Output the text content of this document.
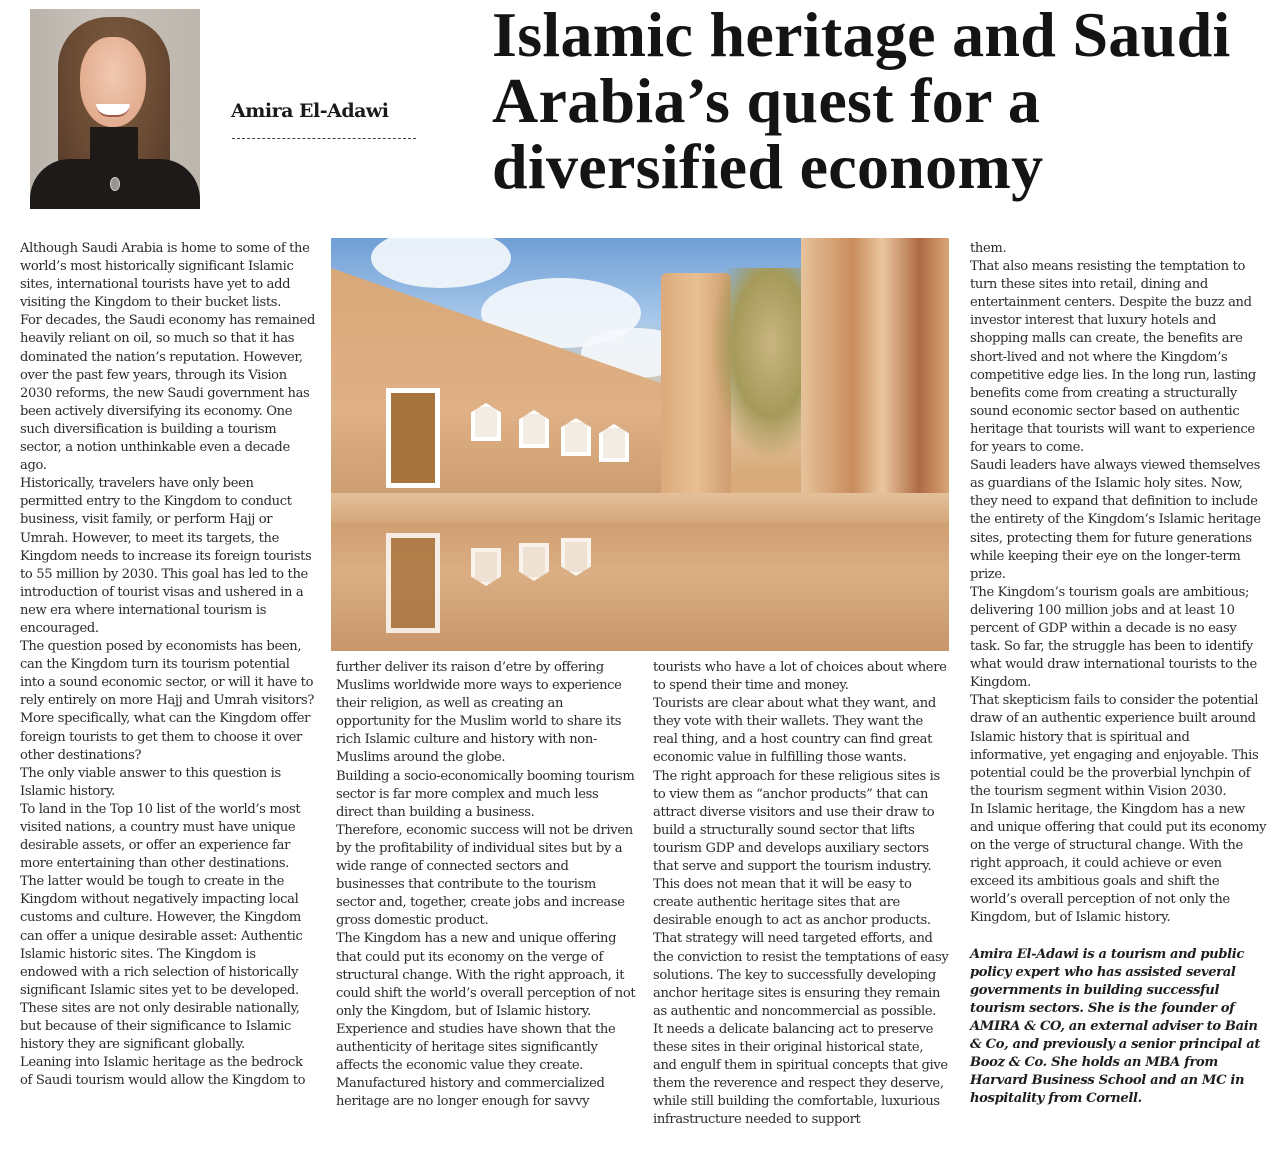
Amira El-Adawi
Islamic heritage and Saudi Arabia’s quest for a diversified economy

Although Saudi Arabia is home to some of the world’s most historically significant Islamic sites, international tourists have yet to add visiting the Kingdom to their bucket lists.

For decades, the Saudi economy has remained heavily reliant on oil, so much so that it has dominated the nation’s reputation. However, over the past few years, through its Vision 2030 reforms, the new Saudi government has been actively diversifying its economy. One such diversification is building a tourism sector, a notion unthinkable even a decade ago.

Historically, travelers have only been permitted entry to the Kingdom to conduct business, visit family, or perform Hajj or Umrah. However, to meet its targets, the Kingdom needs to increase its foreign tourists to 55 million by 2030. This goal has led to the introduction of tourist visas and ushered in a new era where international tourism is encouraged.

The question posed by economists has been, can the Kingdom turn its tourism potential into a sound economic sector, or will it have to rely entirely on more Hajj and Umrah visitors? More specifically, what can the Kingdom offer foreign tourists to get them to choose it over other destinations?

The only viable answer to this question is Islamic history.

To land in the Top 10 list of the world’s most visited nations, a country must have unique desirable assets, or offer an experience far more entertaining than other destinations. The latter would be tough to create in the Kingdom without negatively impacting local customs and culture. However, the Kingdom can offer a unique desirable asset: Authentic Islamic historic sites. The Kingdom is endowed with a rich selection of historically significant Islamic sites yet to be developed. These sites are not only desirable nationally, but because of their significance to Islamic history they are significant globally.

Leaning into Islamic heritage as the bedrock of Saudi tourism would allow the Kingdom to

further deliver its raison d’etre by offering Muslims worldwide more ways to experience their religion, as well as creating an opportunity for the Muslim world to share its rich Islamic culture and history with non-Muslims around the globe.

Building a socio-economically booming tourism sector is far more complex and much less direct than building a business.

Therefore, economic success will not be driven by the profitability of individual sites but by a wide range of connected sectors and businesses that contribute to the tourism sector and, together, create jobs and increase gross domestic product.

The Kingdom has a new and unique offering that could put its economy on the verge of structural change. With the right approach, it could shift the world’s overall perception of not only the Kingdom, but of Islamic history.

Experience and studies have shown that the authenticity of heritage sites significantly affects the economic value they create.

Manufactured history and commercialized heritage are no longer enough for savvy

tourists who have a lot of choices about where to spend their time and money.

Tourists are clear about what they want, and they vote with their wallets. They want the real thing, and a host country can find great economic value in fulfilling those wants.

The right approach for these religious sites is to view them as “anchor products” that can attract diverse visitors and use their draw to build a structurally sound sector that lifts tourism GDP and develops auxiliary sectors that serve and support the tourism industry.

This does not mean that it will be easy to create authentic heritage sites that are desirable enough to act as anchor products. That strategy will need targeted efforts, and the conviction to resist the temptations of easy solutions. The key to successfully developing anchor heritage sites is ensuring they remain as authentic and noncommercial as possible.

It needs a delicate balancing act to preserve these sites in their original historical state, and engulf them in spiritual concepts that give them the reverence and respect they deserve, while still building the comfortable, luxurious infrastructure needed to support

them.

That also means resisting the temptation to turn these sites into retail, dining and entertainment centers. Despite the buzz and investor interest that luxury hotels and shopping malls can create, the benefits are short-lived and not where the Kingdom’s competitive edge lies. In the long run, lasting benefits come from creating a structurally sound economic sector based on authentic heritage that tourists will want to experience for years to come.

Saudi leaders have always viewed themselves as guardians of the Islamic holy sites. Now, they need to expand that definition to include the entirety of the Kingdom’s Islamic heritage sites, protecting them for future generations while keeping their eye on the longer-term prize.

The Kingdom’s tourism goals are ambitious; delivering 100 million jobs and at least 10 percent of GDP within a decade is no easy task. So far, the struggle has been to identify what would draw international tourists to the Kingdom.

That skepticism fails to consider the potential draw of an authentic experience built around Islamic history that is spiritual and informative, yet engaging and enjoyable. This potential could be the proverbial lynchpin of the tourism segment within Vision 2030.

In Islamic heritage, the Kingdom has a new and unique offering that could put its economy on the verge of structural change. With the right approach, it could achieve or even exceed its ambitious goals and shift the world’s overall perception of not only the Kingdom, but of Islamic history.

Amira El-Adawi is a tourism and public policy expert who has assisted several governments in building successful tourism sectors. She is the founder of AMIRA & CO, an external adviser to Bain & Co, and previously a senior principal at Booz & Co. She holds an MBA from Harvard Business School and an MC in hospitality from Cornell.
